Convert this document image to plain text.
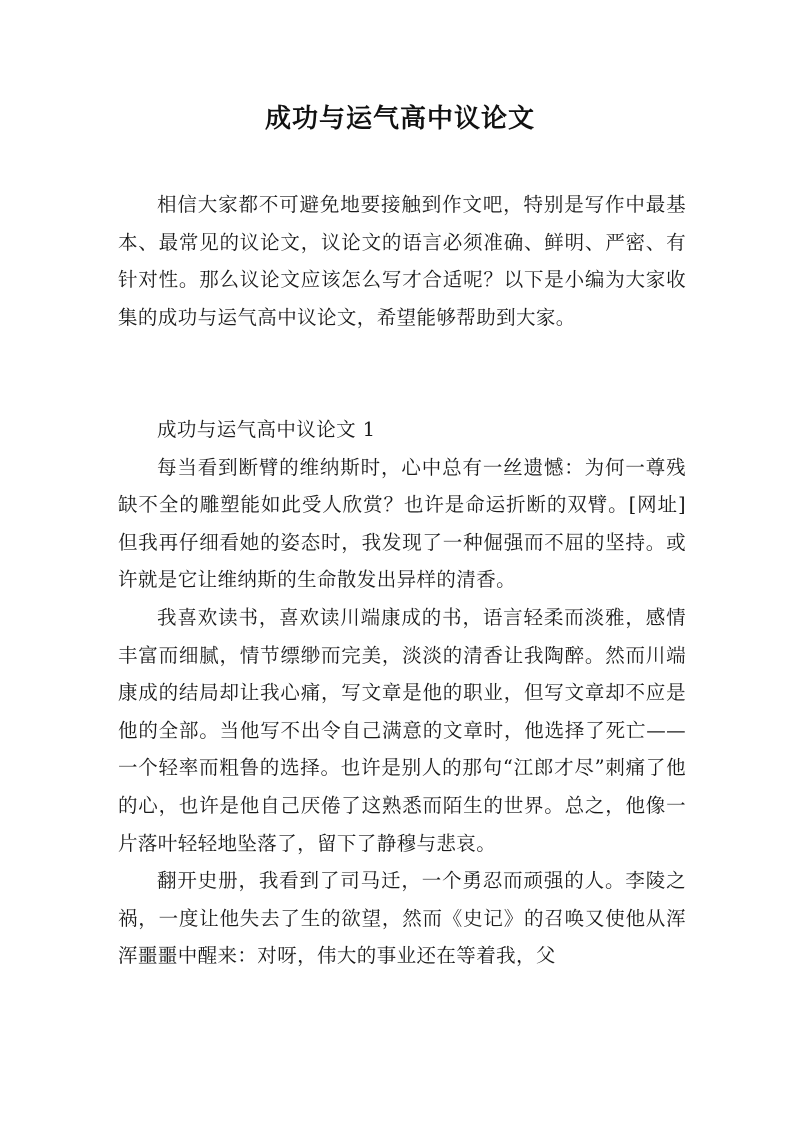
成功与运气高中议论文

相信大家都不可避免地要接触到作文吧，特别是写作中最基本、最常见的议论文，议论文的语言必须准确、鲜明、严密、有针对性。那么议论文应该怎么写才合适呢？以下是小编为大家收集的成功与运气高中议论文，希望能够帮助到大家。

成功与运气高中议论文 1

每当看到断臂的维纳斯时，心中总有一丝遗憾：为何一尊残缺不全的雕塑能如此受人欣赏？也许是命运折断的双臂。[网址]但我再仔细看她的姿态时，我发现了一种倔强而不屈的坚持。或许就是它让维纳斯的生命散发出异样的清香。

我喜欢读书，喜欢读川端康成的书，语言轻柔而淡雅，感情丰富而细腻，情节缥缈而完美，淡淡的清香让我陶醉。然而川端康成的结局却让我心痛，写文章是他的职业，但写文章却不应是他的全部。当他写不出令自己满意的文章时，他选择了死亡——一个轻率而粗鲁的选择。也许是别人的那句“江郎才尽”刺痛了他的心，也许是他自己厌倦了这熟悉而陌生的世界。总之，他像一片落叶轻轻地坠落了，留下了静穆与悲哀。

翻开史册，我看到了司马迁，一个勇忍而顽强的人。李陵之祸，一度让他失去了生的欲望，然而《史记》的召唤又使他从浑浑噩噩中醒来：对呀，伟大的事业还在等着我，父
